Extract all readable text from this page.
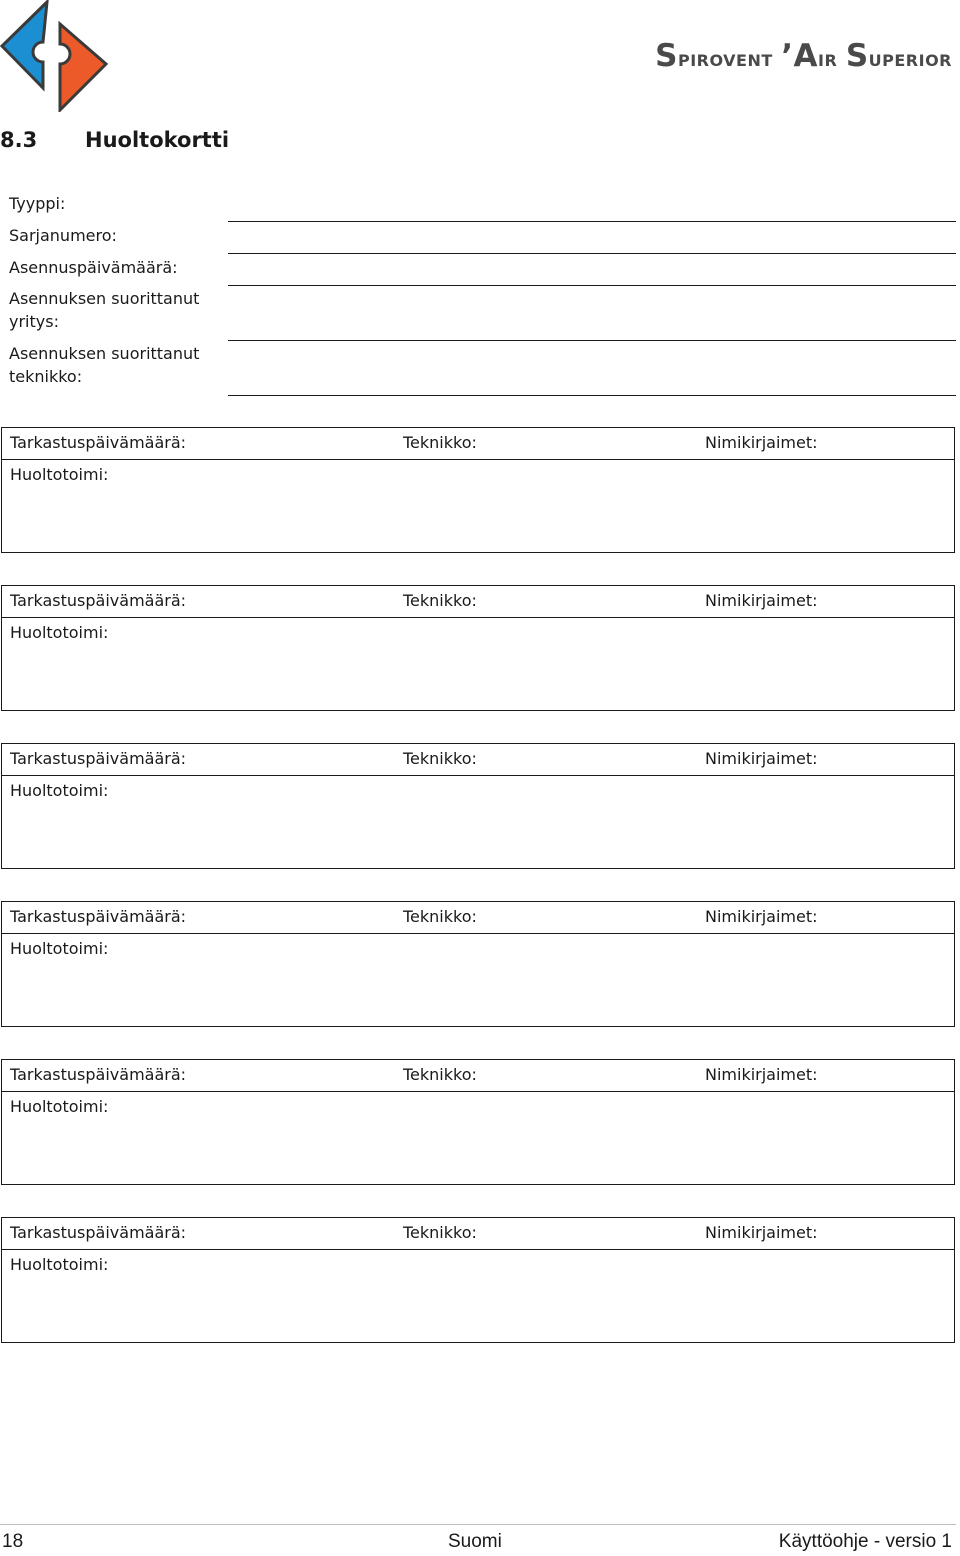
Spirovent ’Air Superior
8.3 Huoltokortti
Tyyppi:
Sarjanumero:
Asennuspäivämäärä:
Asennuksen suorittanut yritys:
Asennuksen suorittanut teknikko:
Tarkastuspäivämäärä:	Teknikko:	Nimikirjaimet:
Huoltotoimi:
Tarkastuspäivämäärä:	Teknikko:	Nimikirjaimet:
Huoltotoimi:
Tarkastuspäivämäärä:	Teknikko:	Nimikirjaimet:
Huoltotoimi:
Tarkastuspäivämäärä:	Teknikko:	Nimikirjaimet:
Huoltotoimi:
Tarkastuspäivämäärä:	Teknikko:	Nimikirjaimet:
Huoltotoimi:
Tarkastuspäivämäärä:	Teknikko:	Nimikirjaimet:
Huoltotoimi:
18	Suomi	Käyttöohje - versio 1
